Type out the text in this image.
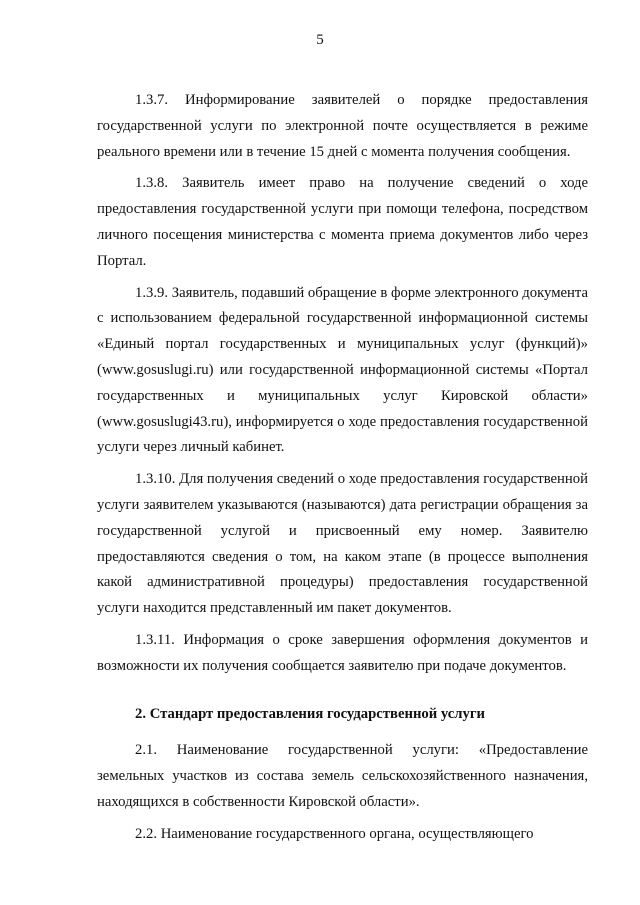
5

1.3.7. Информирование заявителей о порядке предоставления государственной услуги по электронной почте осуществляется в режиме реального времени или в течение 15 дней с момента получения сообщения.

1.3.8. Заявитель имеет право на получение сведений о ходе предоставления государственной услуги при помощи телефона, посредством личного посещения министерства с момента приема документов либо через Портал.

1.3.9. Заявитель, подавший обращение в форме электронного документа с использованием федеральной государственной информационной системы «Единый портал государственных и муниципальных услуг (функций)» (www.gosuslugi.ru) или государственной информационной системы «Портал государственных и муниципальных услуг Кировской области» (www.gosuslugi43.ru), информируется о ходе предоставления государственной услуги через личный кабинет.

1.3.10. Для получения сведений о ходе предоставления государственной услуги заявителем указываются (называются) дата регистрации обращения за государственной услугой и присвоенный ему номер. Заявителю предоставляются сведения о том, на каком этапе (в процессе выполнения какой административной процедуры) предоставления государственной услуги находится представленный им пакет документов.

1.3.11. Информация о сроке завершения оформления документов и возможности их получения сообщается заявителю при подаче документов.

2. Стандарт предоставления государственной услуги

2.1. Наименование государственной услуги: «Предоставление земельных участков из состава земель сельскохозяйственного назначения, находящихся в собственности Кировской области».

2.2. Наименование государственного органа, осуществляющего
